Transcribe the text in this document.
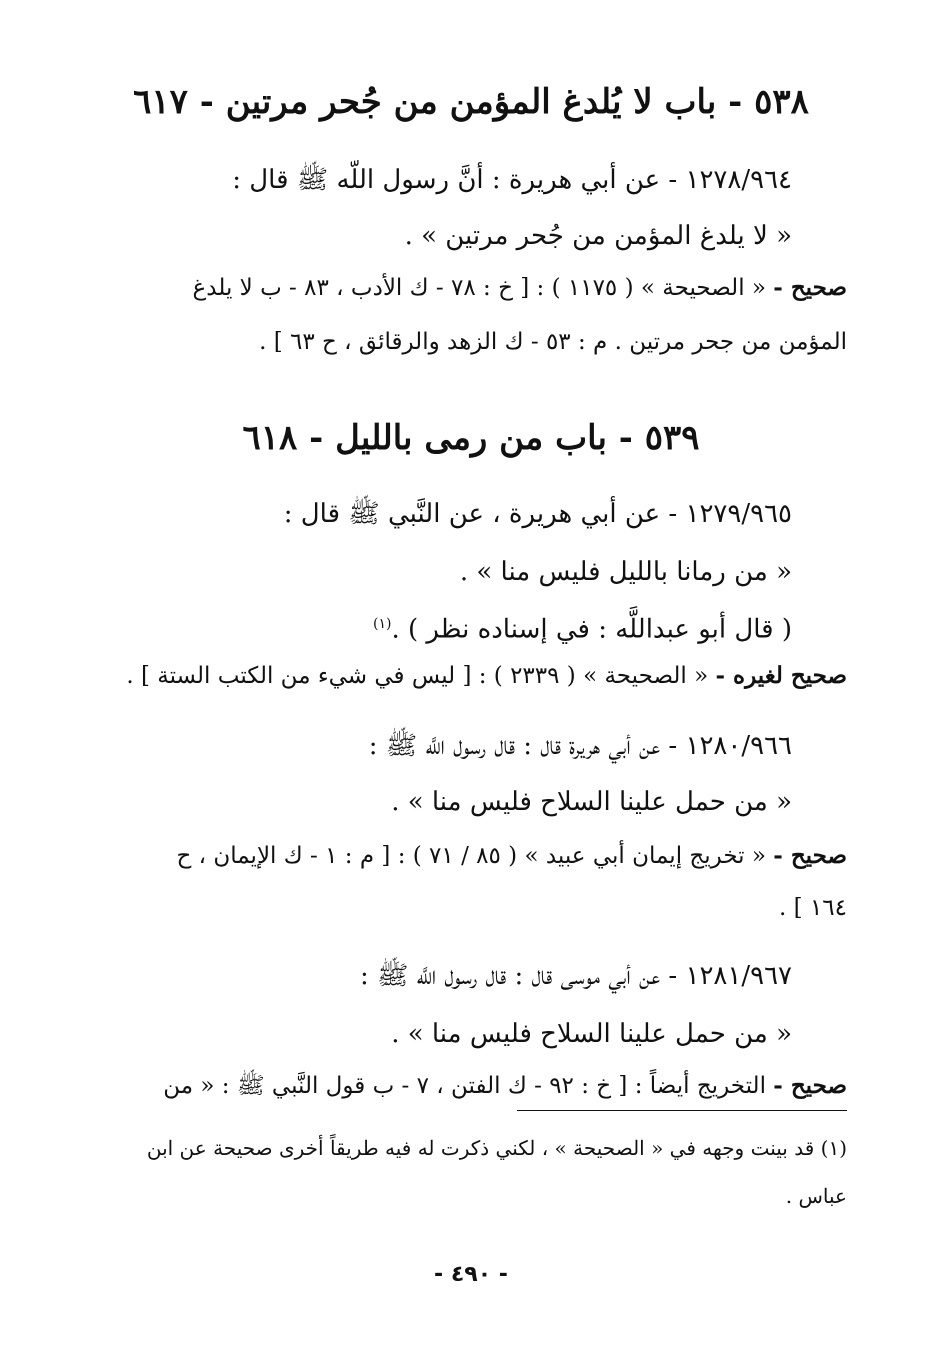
٥٣٨ - باب لا يُلدغ المؤمن من جُحر مرتين - ٦١٧
١٢٧٨/٩٦٤ - عن أبي هريرة : أنَّ رسول اللَّه ﷺ قال :
« لا يلدغ المؤمن من جُحر مرتين » .
صحيح - « الصحيحة » ( ١١٧٥ ) : [ خ : ٧٨ - ك الأدب ، ٨٣ - ب لا يلدغ
المؤمن من جحر مرتين . م : ٥٣ - ك الزهد والرقائق ، ح ٦٣ ] .
٥٣٩ - باب من رمى بالليل - ٦١٨
١٢٧٩/٩٦٥ - عن أبي هريرة ، عن النَّبي ﷺ قال :
« من رمانا بالليل فليس منا » .
( قال أبو عبداللَّه : في إسناده نظر ) .$^{(١)}$
صحيح لغيره - « الصحيحة » ( ٢٣٣٩ ) : [ ليس في شيء من الكتب الستة ] .
١٢٨٠/٩٦٦ - عن أبي هريرة قال : قال رسول اللَّه ﷺ :
« من حمل علينا السلاح فليس منا » .
صحيح - « تخريج إيمان أبي عبيد » ( ٨٥ / ٧١ ) : [ م : ١ - ك الإيمان ، ح
١٦٤ ] .
١٢٨١/٩٦٧ - عن أبي موسى قال : قال رسول اللَّه ﷺ :
« من حمل علينا السلاح فليس منا » .
صحيح - التخريج أيضاً : [ خ : ٩٢ - ك الفتن ، ٧ - ب قول النَّبي ﷺ : « من
(١) قد بينت وجهه في « الصحيحة » ، لكني ذكرت له فيه طريقاً أخرى صحيحة عن ابن
عباس .
- ٤٩٠ -
